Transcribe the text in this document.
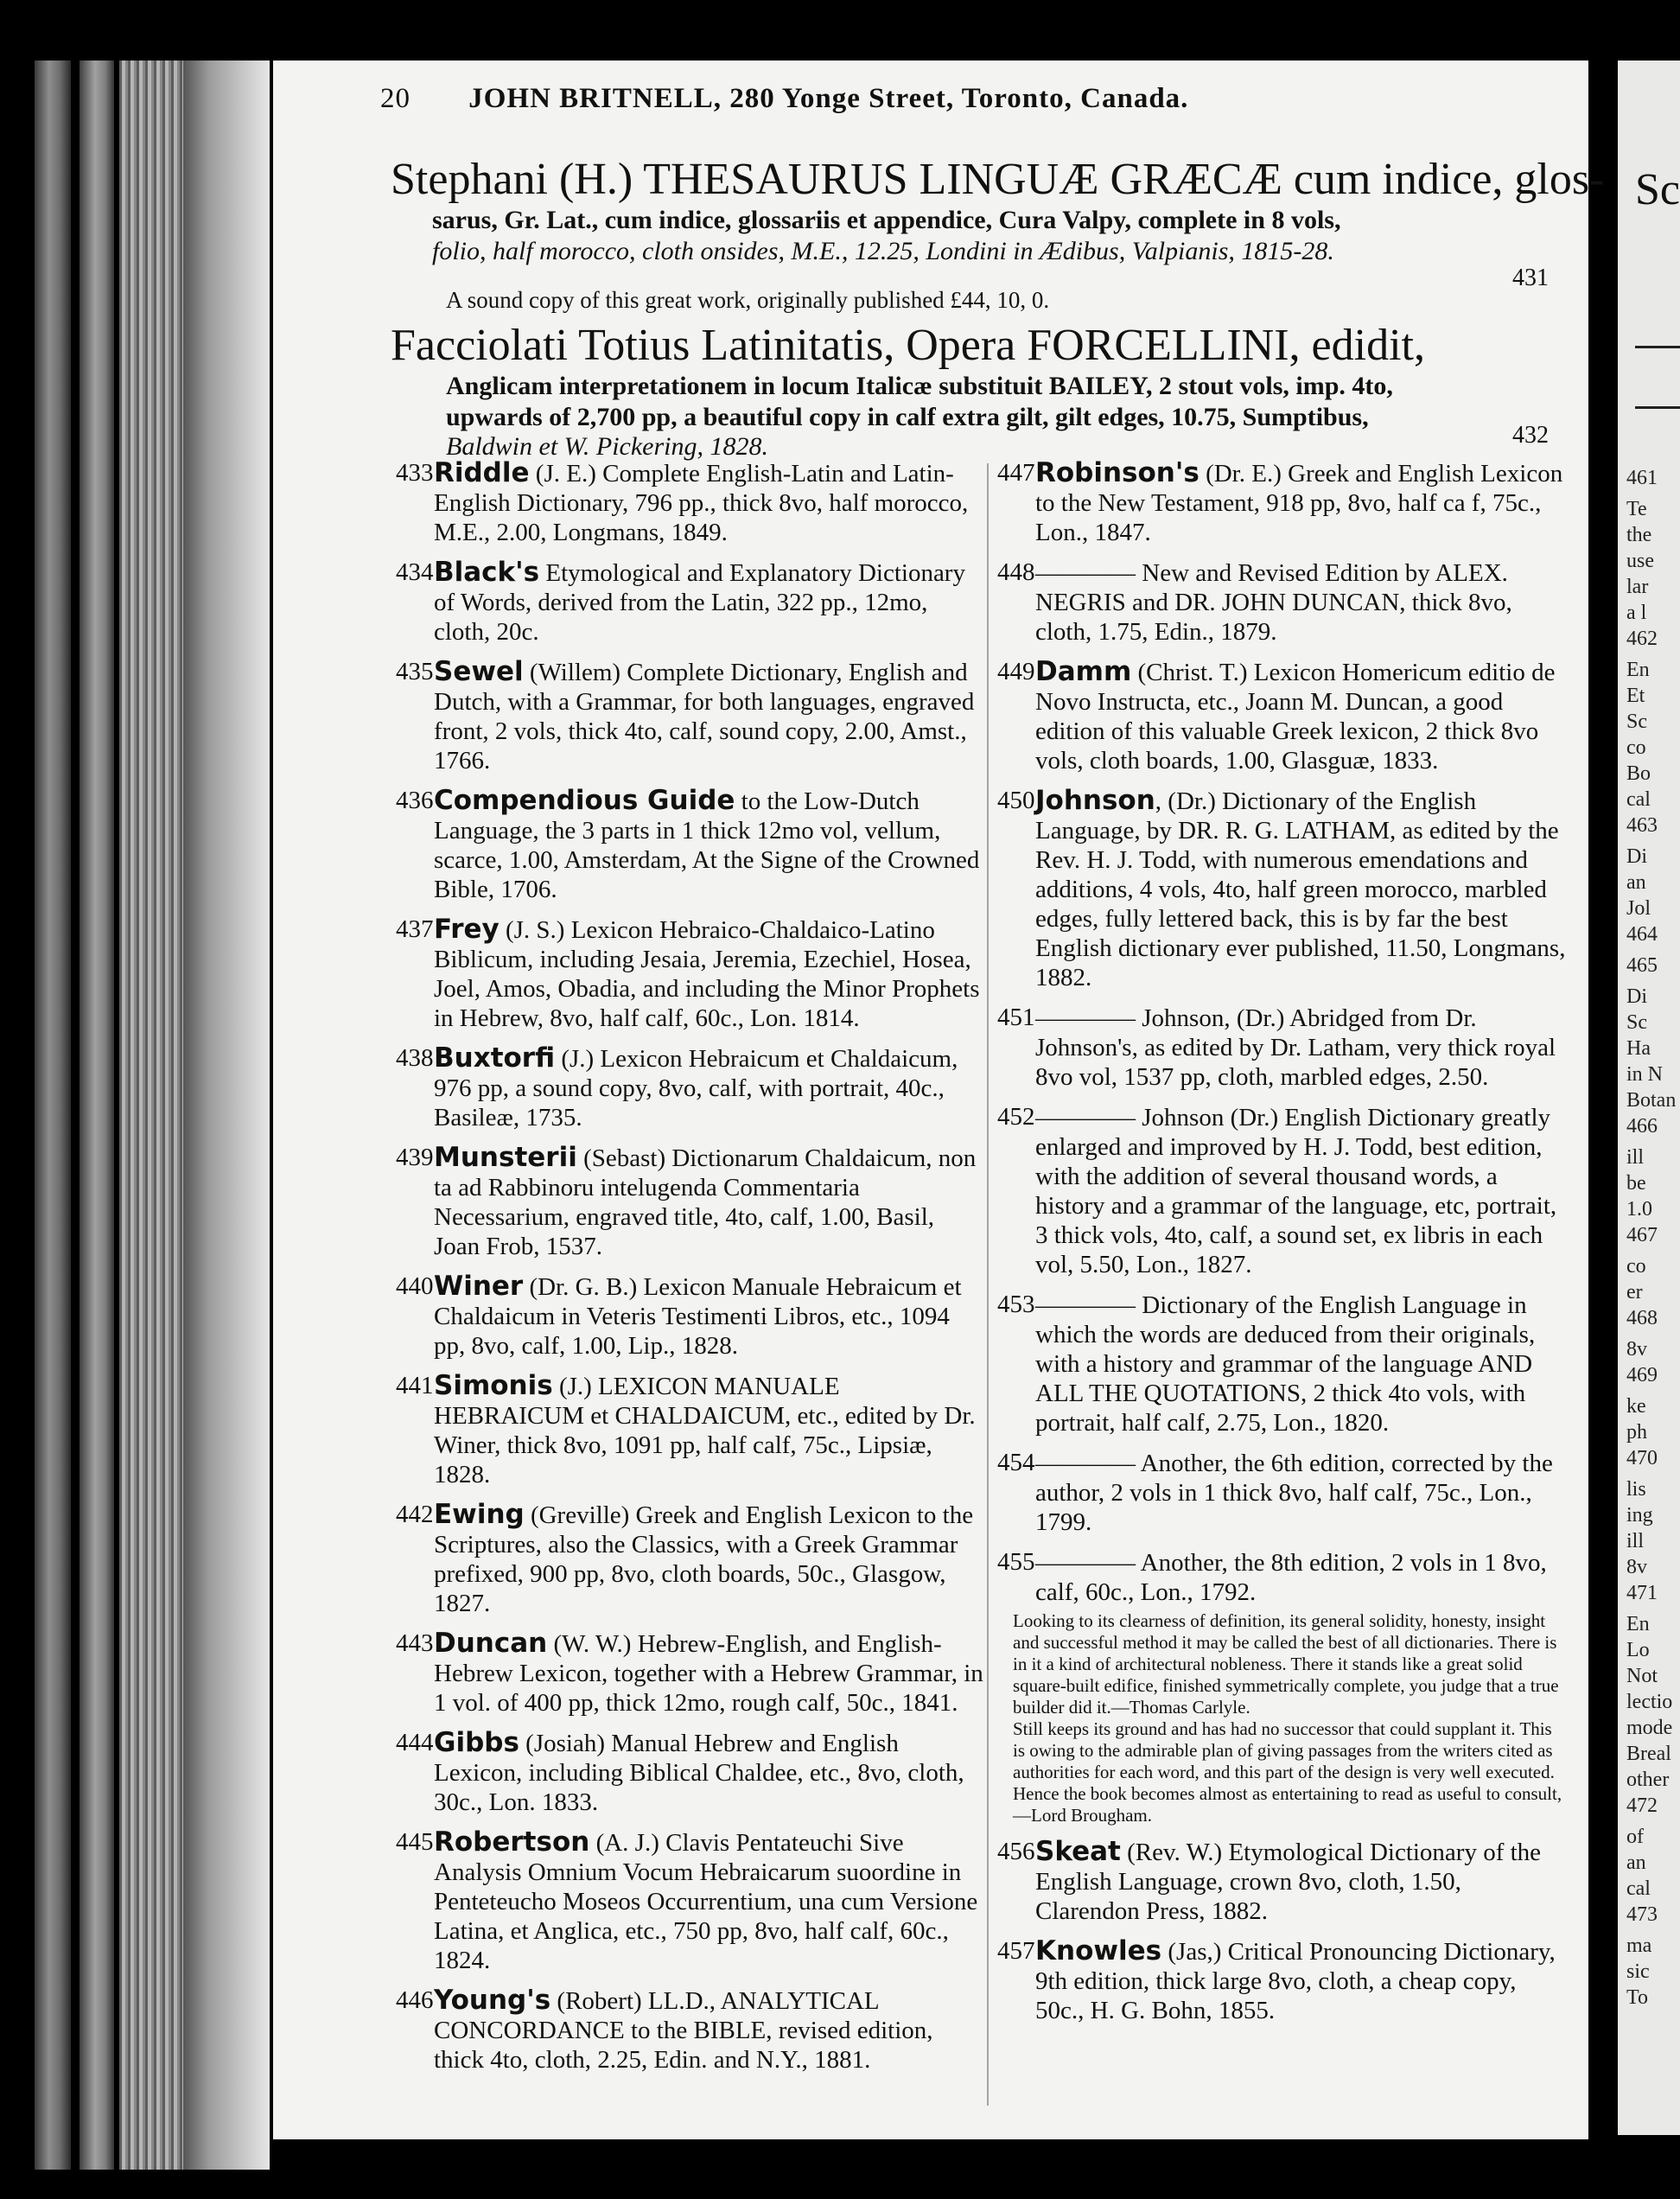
20 JOHN BRITNELL, 280 Yonge Street, Toronto, Canada.
Stephani (H.) THESAURUS LINGUÆ GRÆCÆ cum indice, glos-
sarus, Gr. Lat., cum indice, glossariis et appendice, Cura Valpy, complete in 8 vols,
folio, half morocco, cloth onsides, M.E., 12.25, Londini in Ædibus, Valpianis, 1815-28.
431
A sound copy of this great work, originally published £44, 10, 0.
Facciolati Totius Latinitatis, Opera FORCELLINI, edidit,
Anglicam interpretationem in locum Italicæ substituit BAILEY, 2 stout vols, imp. 4to,
upwards of 2,700 pp, a beautiful copy in calf extra gilt, gilt edges, 10.75, Sumptibus,
Baldwin et W. Pickering, 1828.	432
433 Riddle (J. E.) Complete English-Latin and Latin-English Dictionary, 796 pp., thick 8vo, half morocco, M.E., 2.00, Longmans, 1849.
434 Black's Etymological and Explanatory Dictionary of Words, derived from the Latin, 322 pp., 12mo, cloth, 20c.
435 Sewel (Willem) Complete Dictionary, English and Dutch, with a Grammar, for both languages, engraved front, 2 vols, thick 4to, calf, sound copy, 2.00, Amst., 1766.
436 Compendious Guide to the Low-Dutch Language, the 3 parts in 1 thick 12mo vol, vellum, scarce, 1.00, Amsterdam, At the Signe of the Crowned Bible, 1706.
437 Frey (J. S.) Lexicon Hebraico-Chaldaico-Latino Biblicum, including Jesaia, Jeremia, Ezechiel, Hosea, Joel, Amos, Obadia, and including the Minor Prophets in Hebrew, 8vo, half calf, 60c., Lon. 1814.
438 Buxtorfi (J.) Lexicon Hebraicum et Chaldaicum, 976 pp, a sound copy, 8vo, calf, with portrait, 40c., Basileæ, 1735.
439 Munsterii (Sebast) Dictionarum Chaldaicum, non ta ad Rabbinoru intelugenda Commentaria Necessarium, engraved title, 4to, calf, 1.00, Basil, Joan Frob, 1537.
440 Winer (Dr. G. B.) Lexicon Manuale Hebraicum et Chaldaicum in Veteris Testimenti Libros, etc., 1094 pp, 8vo, calf, 1.00, Lip., 1828.
441 Simonis (J.) LEXICON MANUALE HEBRAICUM et CHALDAICUM, etc., edited by Dr. Winer, thick 8vo, 1091 pp, half calf, 75c., Lipsiæ, 1828.
442 Ewing (Greville) Greek and English Lexicon to the Scriptures, also the Classics, with a Greek Grammar prefixed, 900 pp, 8vo, cloth boards, 50c., Glasgow, 1827.
443 Duncan (W. W.) Hebrew-English, and English-Hebrew Lexicon, together with a Hebrew Grammar, in 1 vol. of 400 pp, thick 12mo, rough calf, 50c., 1841.
444 Gibbs (Josiah) Manual Hebrew and English Lexicon, including Biblical Chaldee, etc., 8vo, cloth, 30c., Lon. 1833.
445 Robertson (A. J.) Clavis Pentateuchi Sive Analysis Omnium Vocum Hebraicarum suoordine in Penteteucho Moseos Occurrentium, una cum Versione Latina, et Anglica, etc., 750 pp, 8vo, half calf, 60c., 1824.
446 Young's (Robert) LL.D., ANALYTICAL CONCORDANCE to the BIBLE, revised edition, thick 4to, cloth, 2.25, Edin. and N.Y., 1881.
447 Robinson's (Dr. E.) Greek and English Lexicon to the New Testament, 918 pp, 8vo, half ca f, 75c., Lon., 1847.
448 ———— New and Revised Edition by ALEX. NEGRIS and DR. JOHN DUNCAN, thick 8vo, cloth, 1.75, Edin., 1879.
449 Damm (Christ. T.) Lexicon Homericum editio de Novo Instructa, etc., Joann M. Duncan, a good edition of this valuable Greek lexicon, 2 thick 8vo vols, cloth boards, 1.00, Glasguæ, 1833.
450 Johnson, (Dr.) Dictionary of the English Language, by DR. R. G. LATHAM, as edited by the Rev. H. J. Todd, with numerous emendations and additions, 4 vols, 4to, half green morocco, marbled edges, fully lettered back, this is by far the best English dictionary ever published, 11.50, Longmans, 1882.
451 ———— Johnson, (Dr.) Abridged from Dr. Johnson's, as edited by Dr. Latham, very thick royal 8vo vol, 1537 pp, cloth, marbled edges, 2.50.
452 ———— Johnson (Dr.) English Dictionary greatly enlarged and improved by H. J. Todd, best edition, with the addition of several thousand words, a history and a grammar of the language, etc, portrait, 3 thick vols, 4to, calf, a sound set, ex libris in each vol, 5.50, Lon., 1827.
453 ———— Dictionary of the English Language in which the words are deduced from their originals, with a history and grammar of the language AND ALL THE QUOTATIONS, 2 thick 4to vols, with portrait, half calf, 2.75, Lon., 1820.
454 ———— Another, the 6th edition, corrected by the author, 2 vols in 1 thick 8vo, half calf, 75c., Lon., 1799.
455 ———— Another, the 8th edition, 2 vols in 1 8vo, calf, 60c., Lon., 1792.
Looking to its clearness of definition, its general solidity, honesty, insight and successful method it may be called the best of all dictionaries. There is in it a kind of architectural nobleness. There it stands like a great solid square-built edifice, finished symmetrically complete, you judge that a true builder did it.—Thomas Carlyle.
Still keeps its ground and has had no successor that could supplant it. This is owing to the admirable plan of giving passages from the writers cited as authorities for each word, and this part of the design is very well executed. Hence the book becomes almost as entertaining to read as useful to consult,—Lord Brougham.
456 Skeat (Rev. W.) Etymological Dictionary of the English Language, crown 8vo, cloth, 1.50, Clarendon Press, 1882.
457 Knowles (Jas,) Critical Pronouncing Dictionary, 9th edition, thick large 8vo, cloth, a cheap copy, 50c., H. G. Bohn, 1855.
Sc
461
Te
the
use
lar
a l
462
En
Et
Sc
co
Bo
cal
463
Di
an
Jol
464
465
Di
Sc
Ha
in N
Botan
466
ill
be
1.0
467
co
er
468
8v
469
ke
ph
470
lis
ing
ill
8v
471
En
Lo
Not
lectio
mode
Breal
other
472
of
an
cal
473
ma
sic
To
